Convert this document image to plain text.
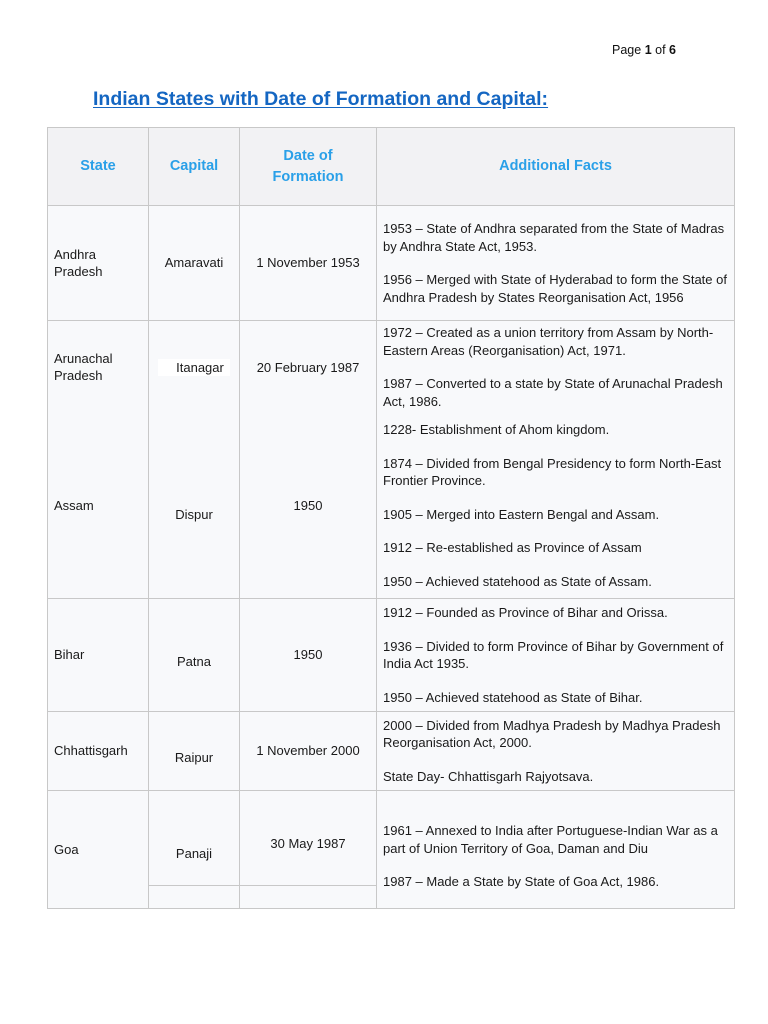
Page 1 of 6
Indian States with Date of Formation and Capital:
State	Capital	Date of Formation	Additional Facts
Andhra Pradesh	Amaravati	1 November 1953	1953 – State of Andhra separated from the State of Madras by Andhra State Act, 1953.

1956 – Merged with State of Hyderabad to form the State of Andhra Pradesh by States Reorganisation Act, 1956

Arunachal Pradesh	Itanagar	20 February 1987	1972 – Created as a union territory from Assam by North-Eastern Areas (Reorganisation) Act, 1971.

1987 – Converted to a state by State of Arunachal Pradesh Act, 1986.

Assam	Dispur	1950	1228- Establishment of Ahom kingdom.

1874 – Divided from Bengal Presidency to form North-East Frontier Province.

1905 – Merged into Eastern Bengal and Assam.

1912 – Re-established as Province of Assam

1950 – Achieved statehood as State of Assam.

Bihar	Patna	1950	1912 – Founded as Province of Bihar and Orissa.

1936 – Divided to form Province of Bihar by Government of India Act 1935.

1950 – Achieved statehood as State of Bihar.

Chhattisgarh	Raipur	1 November 2000	2000 – Divided from Madhya Pradesh by Madhya Pradesh Reorganisation Act, 2000.

State Day- Chhattisgarh Rajyotsava.

Goa	Panaji	30 May 1987	1961 – Annexed to India after Portuguese-Indian War as a part of Union Territory of Goa, Daman and Diu

1987 – Made a State by State of Goa Act, 1986.
